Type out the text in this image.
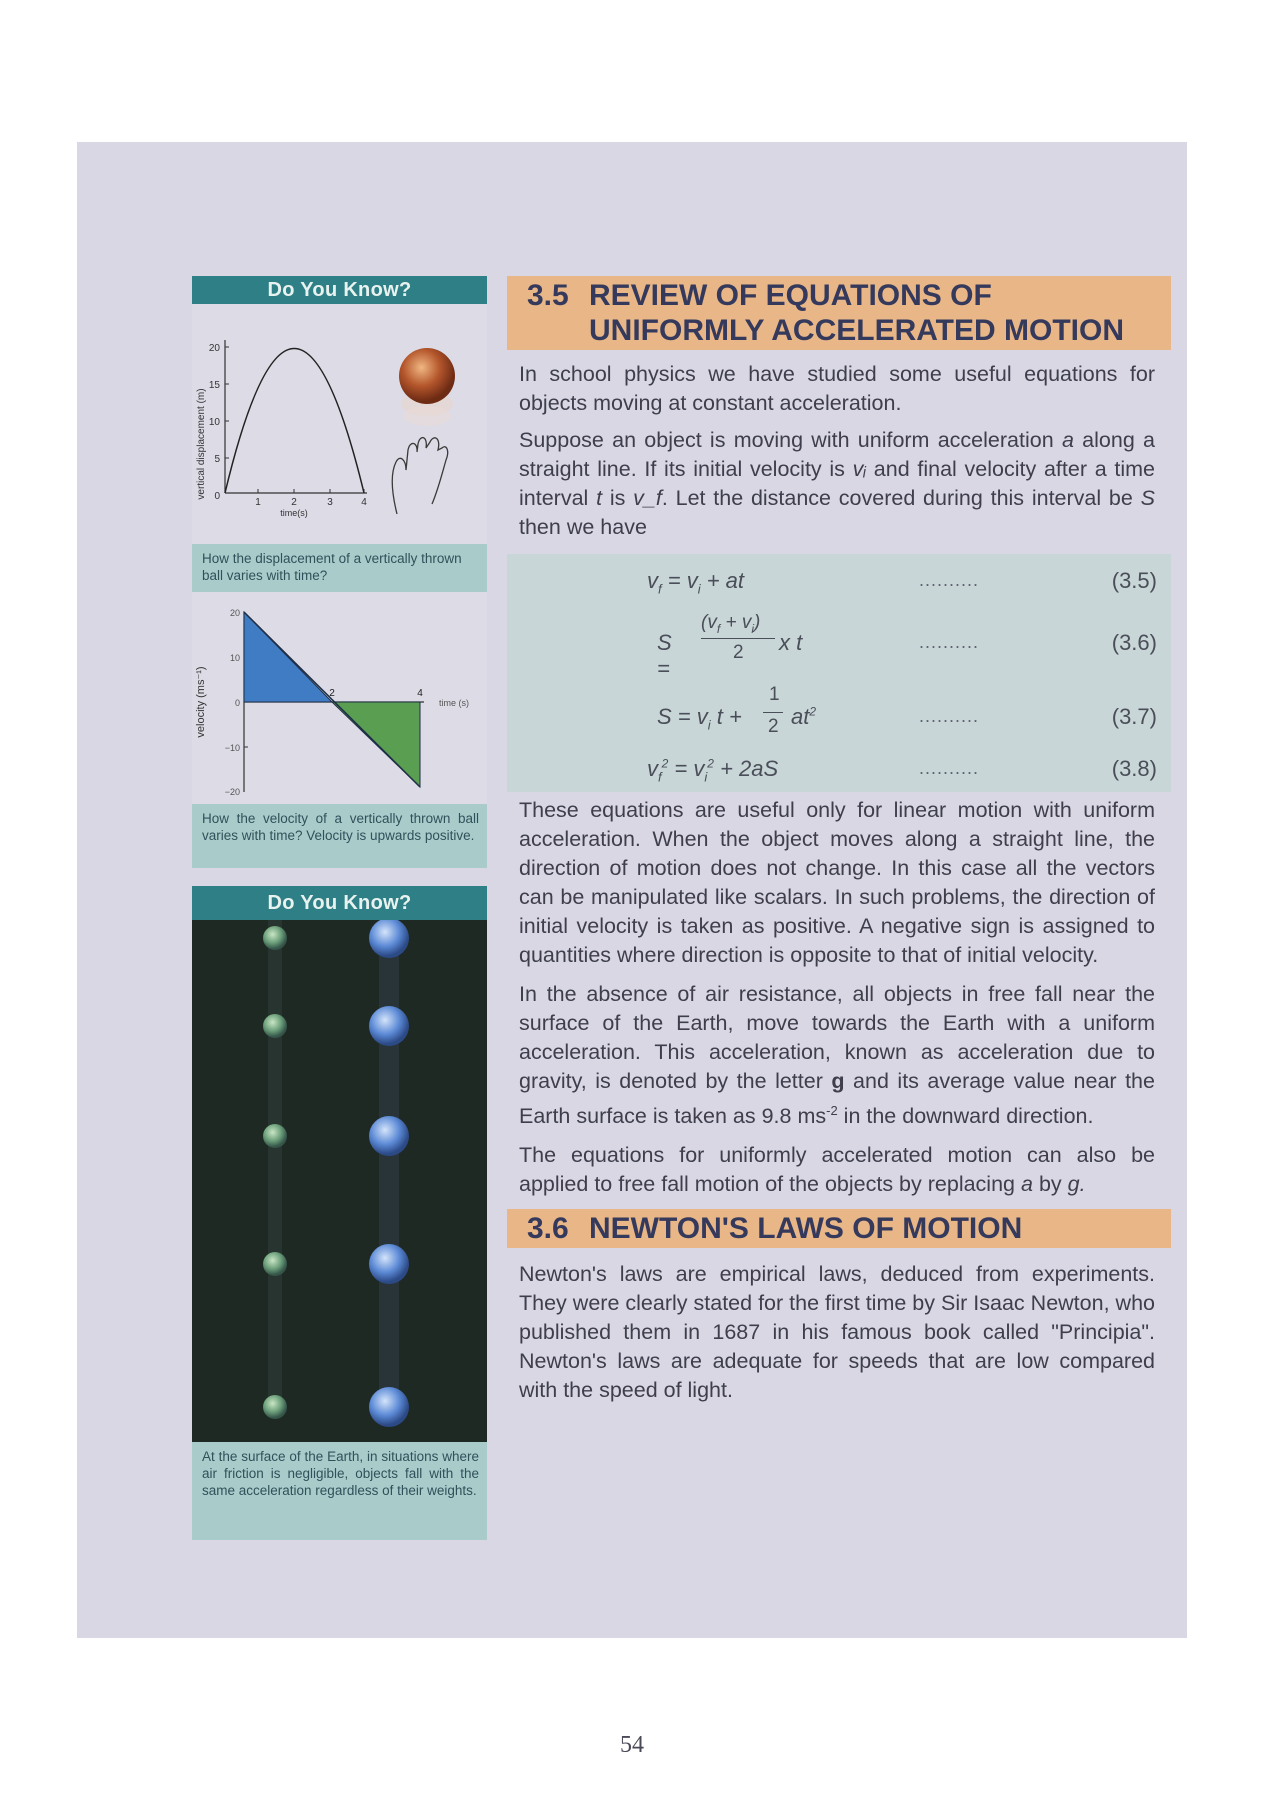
Do You Know?
vertical displacement (m)
20
15
10
5
0
1	2	3	4
time(s)
How the displacement of a vertically thrown ball varies with time?
velocity (ms⁻¹)
20
10
0
−10
−20
2	4
time (s)
How the velocity of a vertically thrown ball varies with time? Velocity is upwards positive.
Do You Know?
At the surface of the Earth, in situations where air friction is negligible, objects fall with the same acceleration regardless of their weights.
3.5 REVIEW OF EQUATIONS OF
UNIFORMLY ACCELERATED MOTION

In school physics we have studied some useful equations for objects moving at constant acceleration.

Suppose an object is moving with uniform acceleration a along a straight line. If its initial velocity is vᵢ and final velocity after a time interval t is v_f. Let the distance covered during this interval be S then we have

$v_f = v_i$ + at	..........	(3.5)
S =
$(v_f + v_i)$
2 x t	..........	(3.6)
$S = v_i$ t +
1
2 $at^2$	..........	(3.7)
$v_f^2 = v_i^2 + 2aS$	..........	(3.8)

These equations are useful only for linear motion with uniform acceleration. When the object moves along a straight line, the direction of motion does not change. In this case all the vectors can be manipulated like scalars. In such problems, the direction of initial velocity is taken as positive. A negative sign is assigned to quantities where direction is opposite to that of initial velocity.

In the absence of air resistance, all objects in free fall near the surface of the Earth, move towards the Earth with a uniform acceleration. This acceleration, known as acceleration due to gravity, is denoted by the letter g and its average value near the Earth surface is taken as 9.8 $ms^{-2}$ in the downward direction.

The equations for uniformly accelerated motion can also be applied to free fall motion of the objects by replacing a by g.

3.6 NEWTON'S LAWS OF MOTION

Newton's laws are empirical laws, deduced from experiments. They were clearly stated for the first time by Sir Isaac Newton, who published them in 1687 in his famous book called "Principia". Newton's laws are adequate for speeds that are low compared with the speed of light.

54
